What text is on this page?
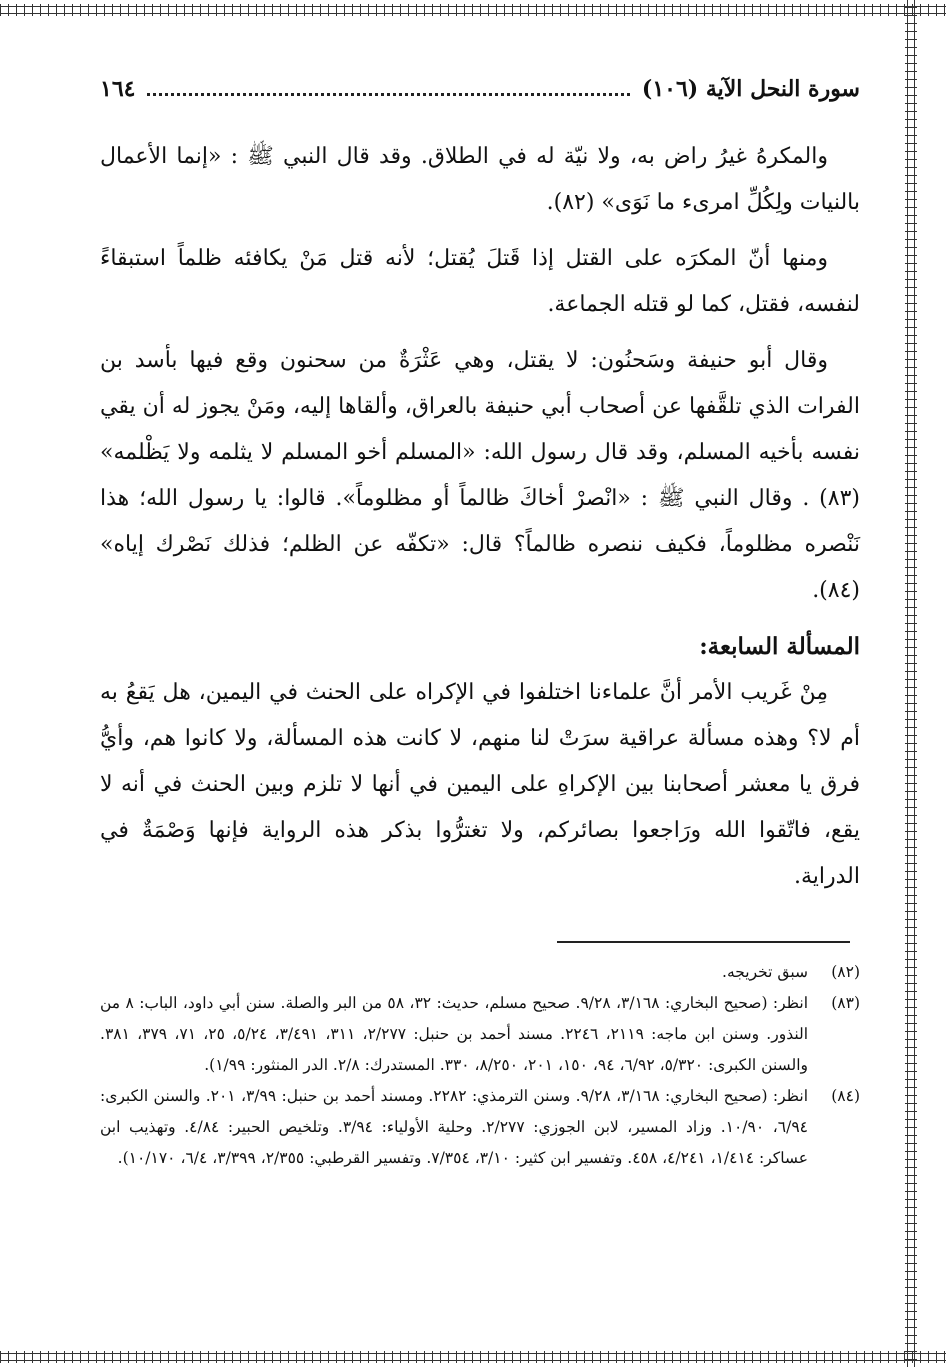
سورة النحل الآية (١٠٦)
١٦٤

والمكرهُ غيرُ راض به، ولا نيّة له في الطلاق. وقد قال النبي ﷺ : «إنما الأعمال بالنيات ولِكُلِّ امرىء ما نَوَى» (٨٢).

ومنها أنّ المكرَه على القتل إذا قَتلَ يُقتل؛ لأنه قتل مَنْ يكافئه ظلماً استبقاءً لنفسه، فقتل، كما لو قتله الجماعة.

وقال أبو حنيفة وسَحنُون: لا يقتل، وهي عَثْرَةٌ من سحنون وقع فيها بأسد بن الفرات الذي تلقَّفها عن أصحاب أبي حنيفة بالعراق، وألقاها إليه، ومَنْ يجوز له أن يقي نفسه بأخيه المسلم، وقد قال رسول الله: «المسلم أخو المسلم لا يثلمه ولا يَظْلمه» (٨٣) . وقال النبي ﷺ : «انْصرْ أخاكَ ظالماً أو مظلوماً». قالوا: يا رسول الله؛ هذا نَنْصره مظلوماً، فكيف ننصره ظالماً؟ قال: «تكفّه عن الظلم؛ فذلك نَصْرك إياه» (٨٤).

المسألة السابعة:

مِنْ غَريب الأمر أنَّ علماءنا اختلفوا في الإكراه على الحنث في اليمين، هل يَقعُ به أم لا؟ وهذه مسألة عراقية سرَتْ لنا منهم، لا كانت هذه المسألة، ولا كانوا هم، وأيُّ فرق يا معشر أصحابنا بين الإكراهِ على اليمين في أنها لا تلزم وبين الحنث في أنه لا يقع، فاتّقوا الله ورَاجعوا بصائركم، ولا تغترُّوا بذكر هذه الرواية فإنها وَصْمَةٌ في الدراية.

(٨٢)
سبق تخريجه.
(٨٣)
انظر: (صحيح البخاري: ٣/١٦٨، ٩/٢٨. صحيح مسلم، حديث: ٣٢، ٥٨ من البر والصلة. سنن أبي داود، الباب: ٨ من النذور. وسنن ابن ماجه: ٢١١٩، ٢٢٤٦. مسند أحمد بن حنبل: ٢/٢٧٧، ٣١١، ٣/٤٩١، ٥/٢٤، ٢٥، ٧١، ٣٧٩، ٣٨١. والسنن الكبرى: ٥/٣٢٠، ٦/٩٢، ٩٤، ١٥٠، ٢٠١، ٨/٢٥٠، ٣٣٠. المستدرك: ٢/٨. الدر المنثور: ١/٩٩).
(٨٤)
انظر: (صحيح البخاري: ٣/١٦٨، ٩/٢٨. وسنن الترمذي: ٢٢٨٢. ومسند أحمد بن حنبل: ٣/٩٩، ٢٠١. والسنن الكبرى: ٦/٩٤، ١٠/٩٠. وزاد المسير، لابن الجوزي: ٢/٢٧٧. وحلية الأولياء: ٣/٩٤. وتلخيص الحبير: ٤/٨٤. وتهذيب ابن عساكر: ١/٤١٤، ٤/٢٤١، ٤٥٨. وتفسير ابن كثير: ٣/١٠، ٧/٣٥٤. وتفسير القرطبي: ٢/٣٥٥، ٣/٣٩٩، ٦/٤، ١٠/١٧٠).
